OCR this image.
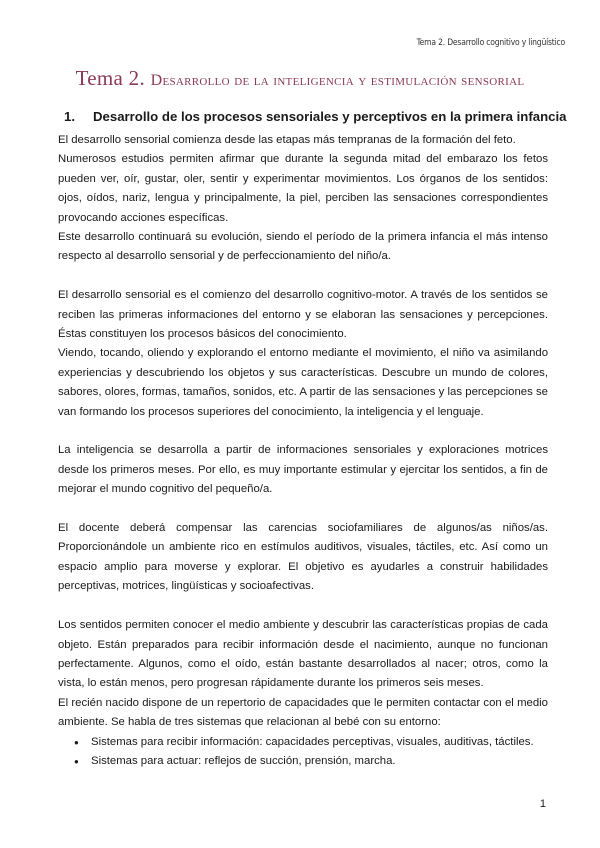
Tema 2. Desarrollo cognitivo y lingüístico
Tema 2. Desarrollo de la inteligencia y estimulación sensorial
1. Desarrollo de los procesos sensoriales y perceptivos en la primera infancia

El desarrollo sensorial comienza desde las etapas más tempranas de la formación del feto.

Numerosos estudios permiten afirmar que durante la segunda mitad del embarazo los fetos pueden ver, oír, gustar, oler, sentir y experimentar movimientos. Los órganos de los sentidos: ojos, oídos, nariz, lengua y principalmente, la piel, perciben las sensaciones correspondientes provocando acciones específicas.

Este desarrollo continuará su evolución, siendo el período de la primera infancia el más intenso respecto al desarrollo sensorial y de perfeccionamiento del niño/a.

El desarrollo sensorial es el comienzo del desarrollo cognitivo-motor. A través de los sentidos se reciben las primeras informaciones del entorno y se elaboran las sensaciones y percepciones. Éstas constituyen los procesos básicos del conocimiento.

Viendo, tocando, oliendo y explorando el entorno mediante el movimiento, el niño va asimilando experiencias y descubriendo los objetos y sus características. Descubre un mundo de colores, sabores, olores, formas, tamaños, sonidos, etc. A partir de las sensaciones y las percepciones se van formando los procesos superiores del conocimiento, la inteligencia y el lenguaje.

La inteligencia se desarrolla a partir de informaciones sensoriales y exploraciones motrices desde los primeros meses. Por ello, es muy importante estimular y ejercitar los sentidos, a fin de mejorar el mundo cognitivo del pequeño/a.

El docente deberá compensar las carencias sociofamiliares de algunos/as niños/as. Proporcionándole un ambiente rico en estímulos auditivos, visuales, táctiles, etc. Así como un espacio amplio para moverse y explorar. El objetivo es ayudarles a construir habilidades perceptivas, motrices, lingüísticas y socioafectivas.

Los sentidos permiten conocer el medio ambiente y descubrir las características propias de cada objeto. Están preparados para recibir información desde el nacimiento, aunque no funcionan perfectamente. Algunos, como el oído, están bastante desarrollados al nacer; otros, como la vista, lo están menos, pero progresan rápidamente durante los primeros seis meses.

El recién nacido dispone de un repertorio de capacidades que le permiten contactar con el medio ambiente. Se habla de tres sistemas que relacionan al bebé con su entorno:

● Sistemas para recibir información: capacidades perceptivas, visuales, auditivas, táctiles.
● Sistemas para actuar: reflejos de succión, prensión, marcha.
1
